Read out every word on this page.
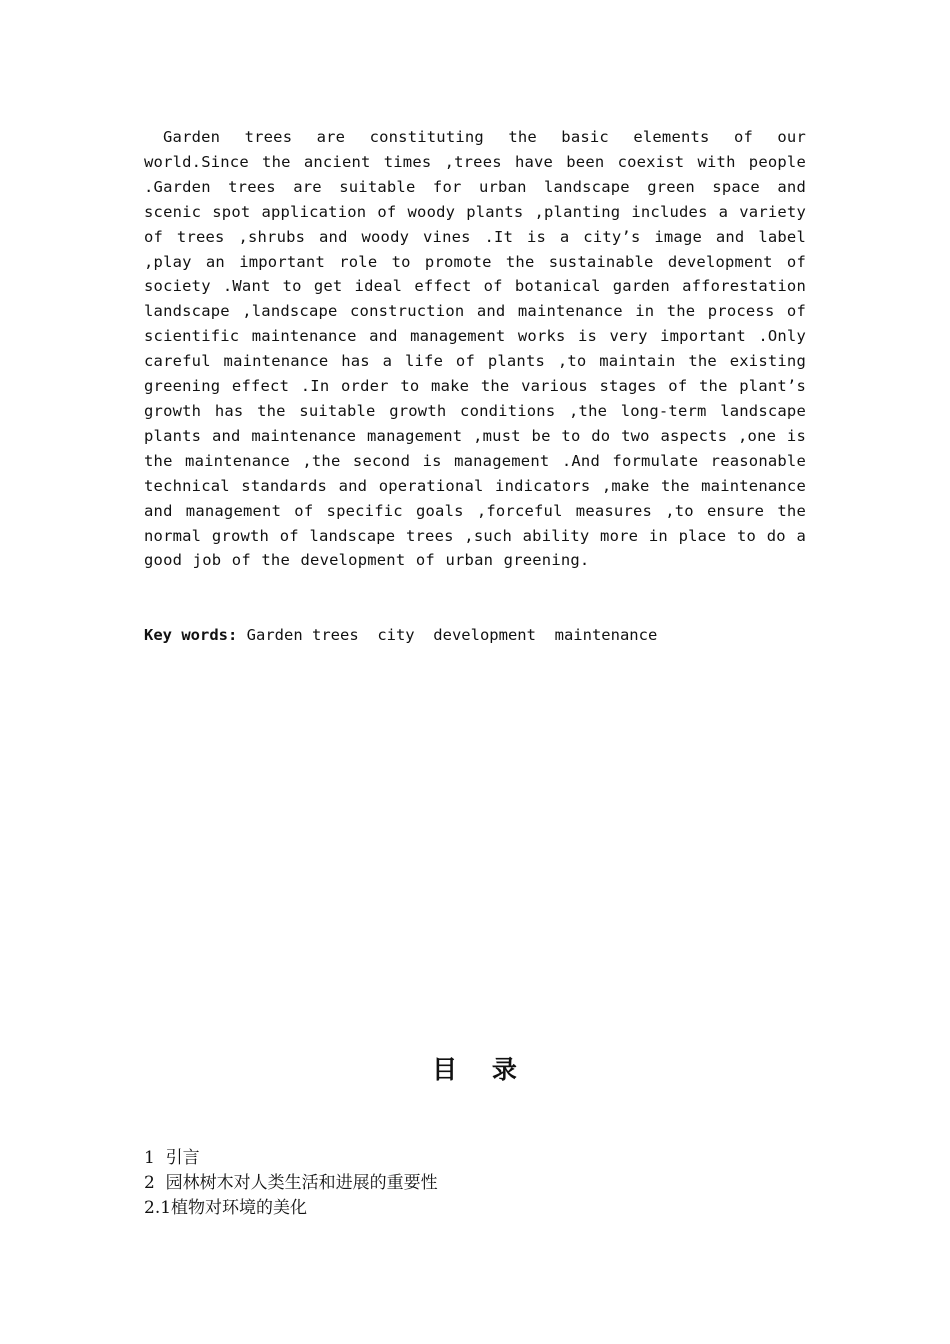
Garden trees are constituting the basic elements of our world.Since the ancient times ,trees have been coexist with people .Garden trees are suitable for urban landscape green space and scenic spot application of woody plants ,planting includes a variety of trees ,shrubs and woody vines .It is a city’s image and label ,play an important role to promote the sustainable development of society .Want to get ideal effect of botanical garden afforestation landscape ,landscape construction and maintenance in the process of scientific maintenance and management works is very important .Only careful maintenance has a life of plants ,to maintain the existing greening effect .In order to make the various stages of the plant’s growth has the suitable growth conditions ,the long-term landscape plants and maintenance management ,must be to do two aspects ,one is the maintenance ,the second is management .And formulate reasonable technical standards and operational indicators ,make the maintenance and management of specific goals ,forceful measures ,to ensure the normal growth of landscape trees ,such ability more in place to do a good job of the development of urban greening.

Key words: Garden trees  city  development  maintenance
目 录
1  引言
2  园林树木对人类生活和进展的重要性
2.1植物对环境的美化
